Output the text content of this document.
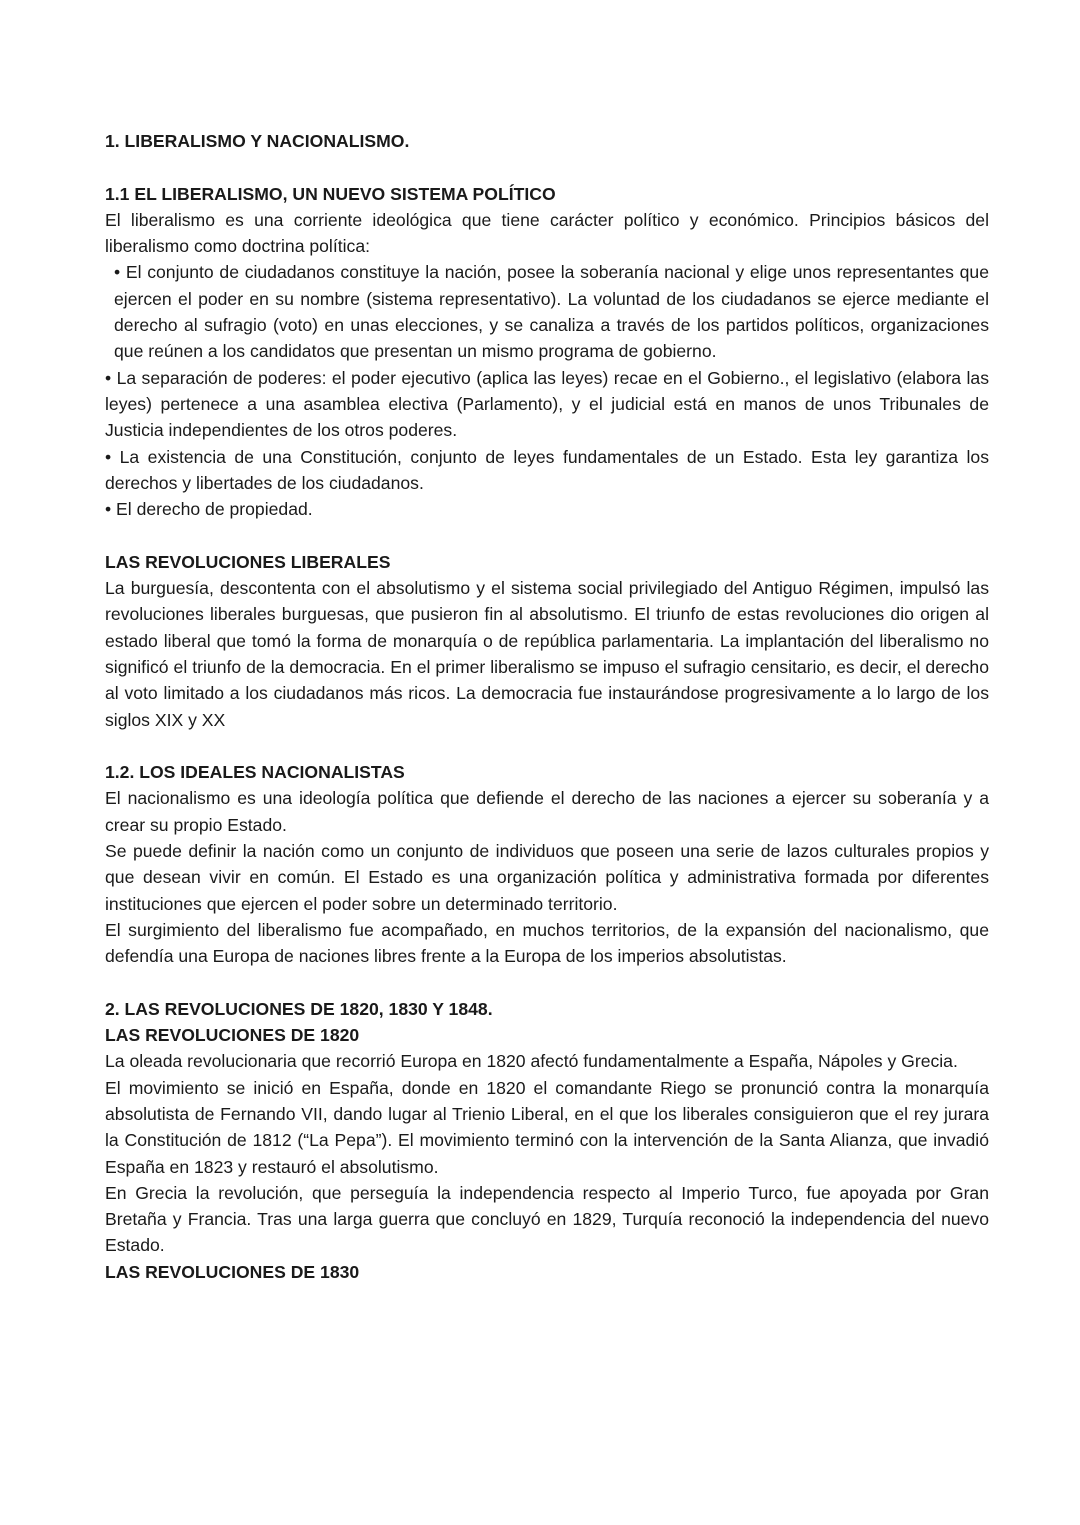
1. LIBERALISMO Y NACIONALISMO.

1.1 EL LIBERALISMO, UN NUEVO SISTEMA POLÍTICO

El liberalismo es una corriente ideológica que tiene carácter político y económico. Principios básicos del liberalismo como doctrina política:

• El conjunto de ciudadanos constituye la nación, posee la soberanía nacional y elige unos representantes que ejercen el poder en su nombre (sistema representativo). La voluntad de los ciudadanos se ejerce mediante el derecho al sufragio (voto) en unas elecciones, y se canaliza a través de los partidos políticos, organizaciones que reúnen a los candidatos que presentan un mismo programa de gobierno.

• La separación de poderes: el poder ejecutivo (aplica las leyes) recae en el Gobierno., el legislativo (elabora las leyes) pertenece a una asamblea electiva (Parlamento), y el judicial está en manos de unos Tribunales de Justicia independientes de los otros poderes.

• La existencia de una Constitución, conjunto de leyes fundamentales de un Estado. Esta ley garantiza los derechos y libertades de los ciudadanos.

• El derecho de propiedad.

LAS REVOLUCIONES LIBERALES

La burguesía, descontenta con el absolutismo y el sistema social privilegiado del Antiguo Régimen, impulsó las revoluciones liberales burguesas, que pusieron fin al absolutismo. El triunfo de estas revoluciones dio origen al estado liberal que tomó la forma de monarquía o de república parlamentaria. La implantación del liberalismo no significó el triunfo de la democracia. En el primer liberalismo se impuso el sufragio censitario, es decir, el derecho al voto limitado a los ciudadanos más ricos. La democracia fue instaurándose progresivamente a lo largo de los siglos XIX y XX

1.2. LOS IDEALES NACIONALISTAS

El nacionalismo es una ideología política que defiende el derecho de las naciones a ejercer su soberanía y a crear su propio Estado.

Se puede definir la nación como un conjunto de individuos que poseen una serie de lazos culturales propios y que desean vivir en común. El Estado es una organización política y administrativa formada por diferentes instituciones que ejercen el poder sobre un determinado territorio.

El surgimiento del liberalismo fue acompañado, en muchos territorios, de la expansión del nacionalismo, que defendía una Europa de naciones libres frente a la Europa de los imperios absolutistas.

2. LAS REVOLUCIONES DE 1820, 1830 Y 1848.

LAS REVOLUCIONES DE 1820

La oleada revolucionaria que recorrió Europa en 1820 afectó fundamentalmente a España, Nápoles y Grecia.

El movimiento se inició en España, donde en 1820 el comandante Riego se pronunció contra la monarquía absolutista de Fernando VII, dando lugar al Trienio Liberal, en el que los liberales consiguieron que el rey jurara la Constitución de 1812 (“La Pepa”). El movimiento terminó con la intervención de la Santa Alianza, que invadió España en 1823 y restauró el absolutismo.

En Grecia la revolución, que perseguía la independencia respecto al Imperio Turco, fue apoyada por Gran Bretaña y Francia. Tras una larga guerra que concluyó en 1829, Turquía reconoció la independencia del nuevo Estado.

LAS REVOLUCIONES DE 1830
